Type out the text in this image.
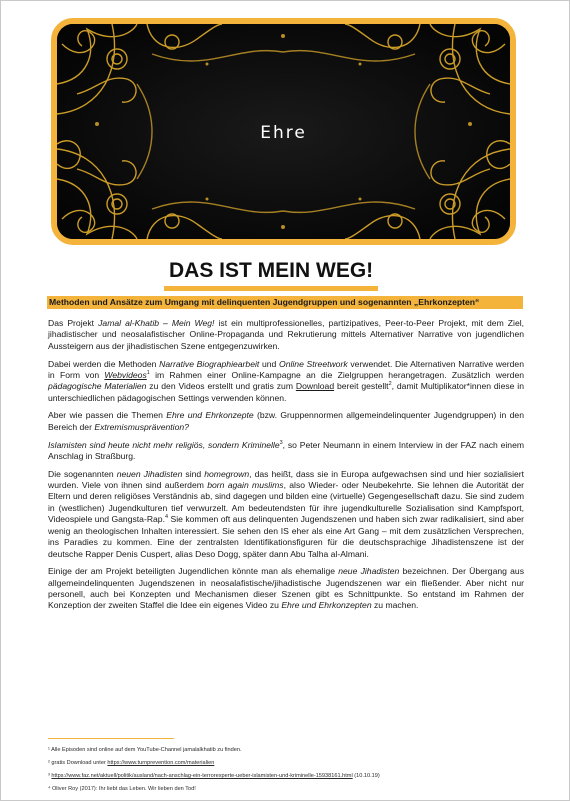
Ehre
DAS IST MEIN WEG!
Methoden und Ansätze zum Umgang mit delinquenten Jugendgruppen und sogenannten „Ehrkonzepten“

Das Projekt Jamal al-Khatib – Mein Weg! ist ein multiprofessionelles, partizipatives, Peer-to-Peer Projekt, mit dem Ziel, jihadistischer und neosalafistischer Online-Propaganda und Rekrutierung mittels Alternativer Narrative von jugendlichen Aussteigern aus der jihadistischen Szene entgegenzuwirken.

Dabei werden die Methoden Narrative Biographiearbeit und Online Streetwork verwendet. Die Alternativen Narrative werden in Form von Webvideos$^1$ im Rahmen einer Online-Kampagne an die Zielgruppen herangetragen. Zusätzlich werden pädagogische Materialien zu den Videos erstellt und gratis zum Download bereit gestellt$^2$, damit Multiplikator*innen diese in unterschiedlichen pädagogischen Settings verwenden können.

Aber wie passen die Themen Ehre und Ehrkonzepte (bzw. Gruppennormen allgemeindelinquenter Jugendgruppen) in den Bereich der Extremismusprävention?

Islamisten sind heute nicht mehr religiös, sondern Kriminelle$^3$, so Peter Neumann in einem Interview in der FAZ nach einem Anschlag in Straßburg.

Die sogenannten neuen Jihadisten sind homegrown, das heißt, dass sie in Europa aufgewachsen sind und hier sozialisiert wurden. Viele von ihnen sind außerdem born again muslims, also Wieder- oder Neubekehrte. Sie lehnen die Autorität der Eltern und deren religiöses Verständnis ab, sind dagegen und bilden eine (virtuelle) Gegengesellschaft dazu. Sie sind zudem in (westlichen) Jugendkulturen tief verwurzelt. Am bedeutendsten für ihre jugendkulturelle Sozialisation sind Kampfsport, Videospiele und Gangsta-Rap.$^4$ Sie kommen oft aus delinquenten Jugendszenen und haben sich zwar radikalisiert, sind aber wenig an theologischen Inhalten interessiert. Sie sehen den IS eher als eine Art Gang – mit dem zusätzlichen Versprechen, ins Paradies zu kommen. Eine der zentralsten Identifikationsfiguren für die deutschsprachige Jihadistenszene ist der deutsche Rapper Denis Cuspert, alias Deso Dogg, später dann Abu Talha al-Almani.

Einige der am Projekt beteiligten Jugendlichen könnte man als ehemalige neue Jihadisten bezeichnen. Der Übergang aus allgemeindelinquenten Jugendszenen in neosalafistische/jihadistische Jugendszenen war ein fließender. Aber nicht nur personell, auch bei Konzepten und Mechanismen dieser Szenen gibt es Schnittpunkte. So entstand im Rahmen der Konzeption der zweiten Staffel die Idee ein eigenes Video zu Ehre und Ehrkonzepten zu machen.

¹ Alle Episoden sind online auf dem YouTube-Channel jamalalkhatib zu finden.
² gratis Download unter https://www.turnprevention.com/materialien
³ https://www.faz.net/aktuell/politik/ausland/nach-anschlag-ein-terrorexperte-ueber-islamisten-und-kriminelle-15938161.html (10.10.19)
⁴ Oliver Roy (2017): Ihr liebt das Leben. Wir lieben den Tod!
